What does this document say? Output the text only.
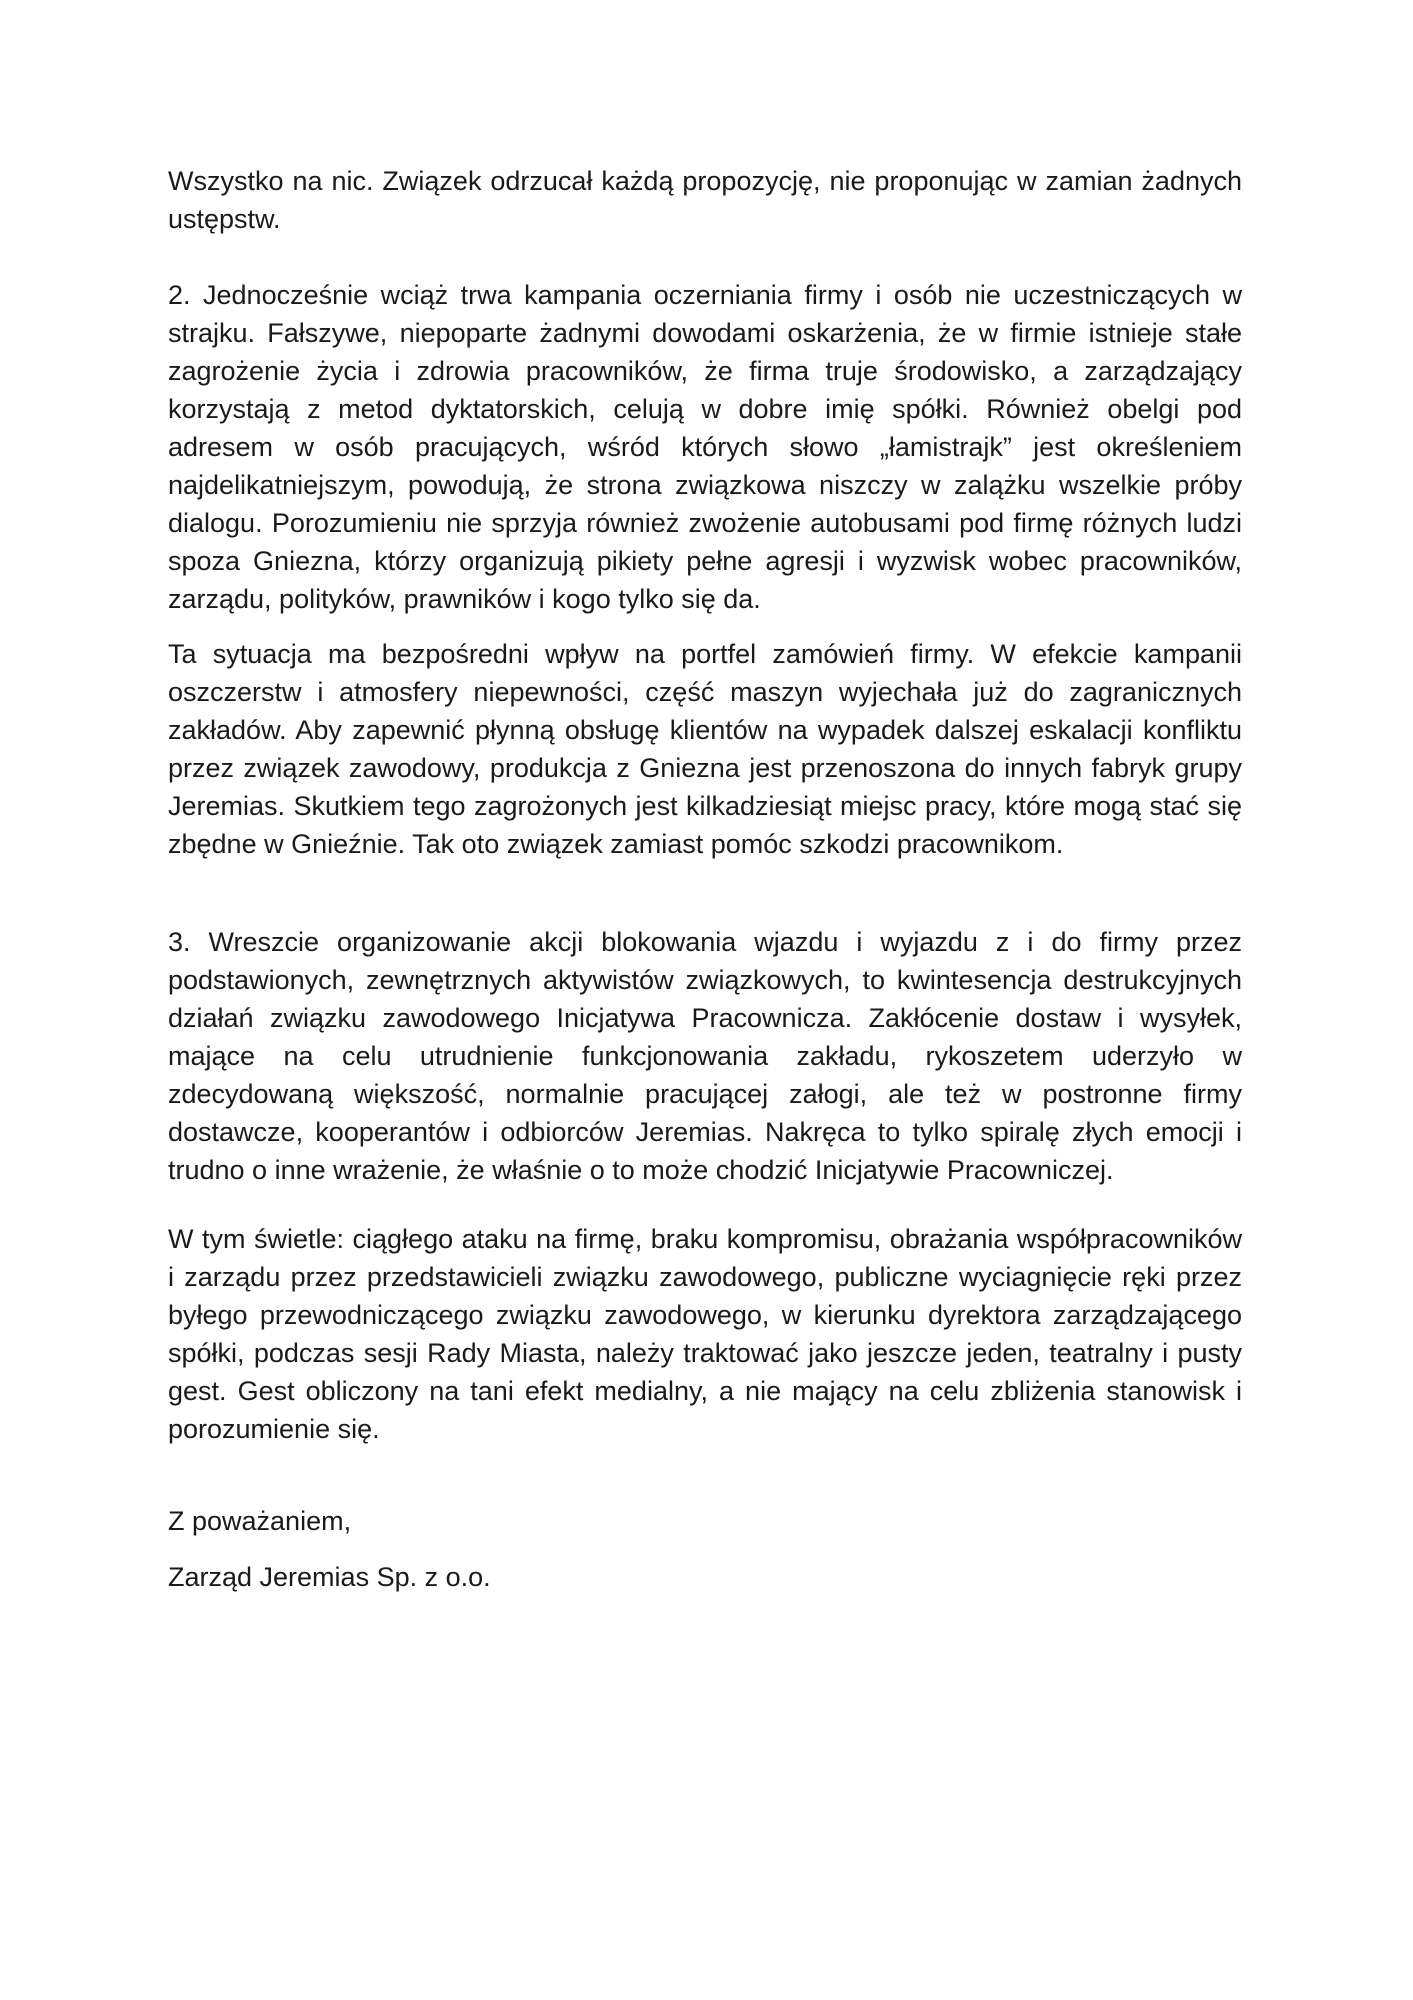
Wszystko na nic. Związek odrzucał każdą propozycję, nie proponując w zamian żadnych ustępstw.

2. Jednocześnie wciąż trwa kampania oczerniania firmy i osób nie uczestniczących w strajku. Fałszywe, niepoparte żadnymi dowodami oskarżenia, że w firmie istnieje stałe zagrożenie życia i zdrowia pracowników, że firma truje środowisko, a zarządzający korzystają z metod dyktatorskich, celują w dobre imię spółki. Również obelgi pod adresem w osób pracujących, wśród których słowo „łamistrajk” jest określeniem najdelikatniejszym, powodują, że strona związkowa niszczy w zalążku wszelkie próby dialogu. Porozumieniu nie sprzyja również zwożenie autobusami pod firmę różnych ludzi spoza Gniezna, którzy organizują pikiety pełne agresji i wyzwisk wobec pracowników, zarządu, polityków, prawników i kogo tylko się da.

Ta sytuacja ma bezpośredni wpływ na portfel zamówień firmy. W efekcie kampanii oszczerstw i atmosfery niepewności, część maszyn wyjechała już do zagranicznych zakładów. Aby zapewnić płynną obsługę klientów na wypadek dalszej eskalacji konfliktu przez związek zawodowy, produkcja z Gniezna jest przenoszona do innych fabryk grupy Jeremias. Skutkiem tego zagrożonych jest kilkadziesiąt miejsc pracy, które mogą stać się zbędne w Gnieźnie. Tak oto związek zamiast pomóc szkodzi pracownikom.

3. Wreszcie organizowanie akcji blokowania wjazdu i wyjazdu z i do firmy przez podstawionych, zewnętrznych aktywistów związkowych, to kwintesencja destrukcyjnych działań związku zawodowego Inicjatywa Pracownicza. Zakłócenie dostaw i wysyłek, mające na celu utrudnienie funkcjonowania zakładu, rykoszetem uderzyło w zdecydowaną większość, normalnie pracującej załogi, ale też w postronne firmy dostawcze, kooperantów i odbiorców Jeremias. Nakręca to tylko spiralę złych emocji i trudno o inne wrażenie, że właśnie o to może chodzić Inicjatywie Pracowniczej.

W tym świetle: ciągłego ataku na firmę, braku kompromisu, obrażania współpracowników i zarządu przez przedstawicieli związku zawodowego, publiczne wyciagnięcie ręki przez byłego przewodniczącego związku zawodowego, w kierunku dyrektora zarządzającego spółki, podczas sesji Rady Miasta, należy traktować jako jeszcze jeden, teatralny i pusty gest. Gest obliczony na tani efekt medialny, a nie mający na celu zbliżenia stanowisk i porozumienie się.

Z poważaniem,

Zarząd Jeremias Sp. z o.o.
